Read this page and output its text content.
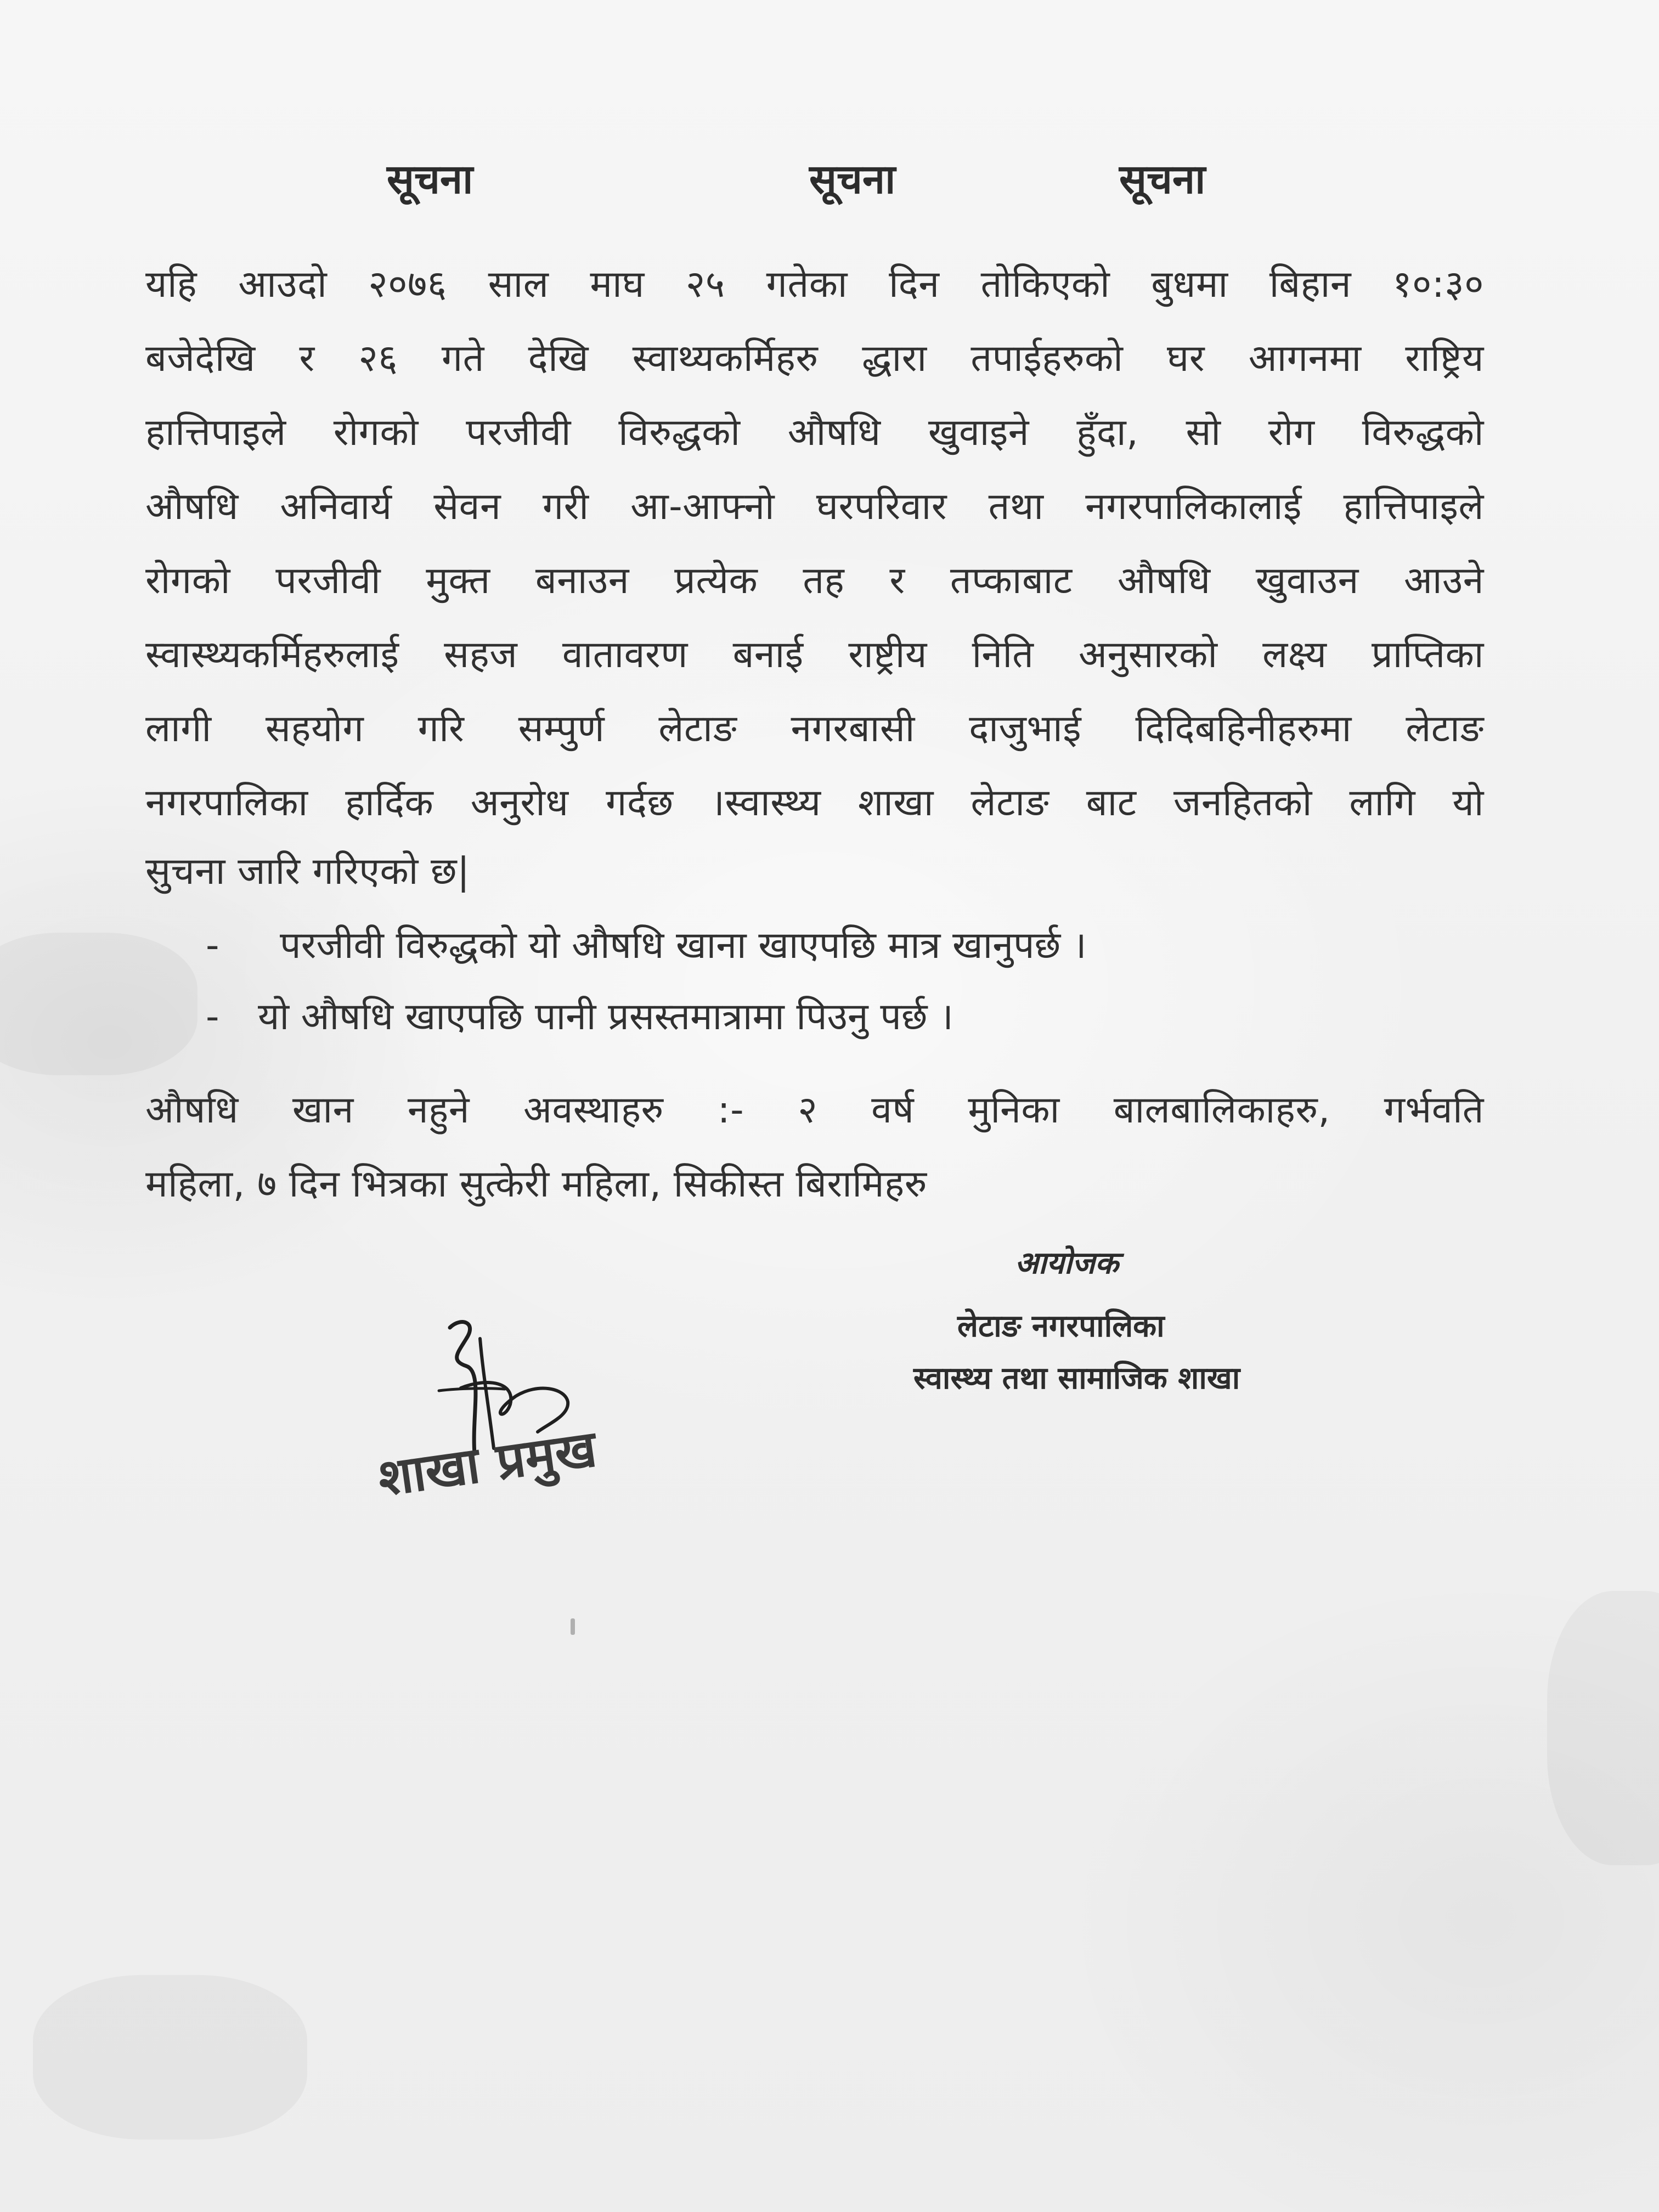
सूचना	सूचना	सूचना
यहि आउदो २०७६ साल माघ २५ गतेका दिन तोकिएको बुधमा बिहान १०:३०
बजेदेखि र २६ गते देखि स्वाथ्यकर्मिहरु द्धारा तपाईहरुको घर आगनमा राष्ट्रिय
हात्तिपाइले रोगको परजीवी विरुद्धको औषधि खुवाइने हुँदा, सो रोग विरुद्धको
औषधि अनिवार्य सेवन गरी आ-आफ्नो घरपरिवार तथा नगरपालिकालाई हात्तिपाइले
रोगको परजीवी मुक्त बनाउन प्रत्येक तह र तप्काबाट औषधि खुवाउन आउने
स्वास्थ्यकर्मिहरुलाई सहज वातावरण बनाई राष्ट्रीय निति अनुसारको लक्ष्य प्राप्तिका
लागी सहयोग गरि सम्पुर्ण लेटाङ नगरबासी दाजुभाई दिदिबहिनीहरुमा लेटाङ
नगरपालिका हार्दिक अनुरोध गर्दछ ।स्वास्थ्य शाखा लेटाङ बाट जनहितको लागि यो
सुचना जारि गरिएको छ|
- परजीवी विरुद्धको यो औषधि खाना खाएपछि मात्र खानुपर्छ ।
- यो औषधि खाएपछि पानी प्रसस्तमात्रामा पिउनु पर्छ ।
औषधि खान नहुने अवस्थाहरु :- २ वर्ष मुनिका बालबालिकाहरु, गर्भवति
महिला, ७ दिन भित्रका सुत्केरी महिला, सिकीस्त बिरामिहरु
आयोजक
लेटाङ नगरपालिका
स्वास्थ्य तथा सामाजिक शाखा
शाखा प्रमुख
